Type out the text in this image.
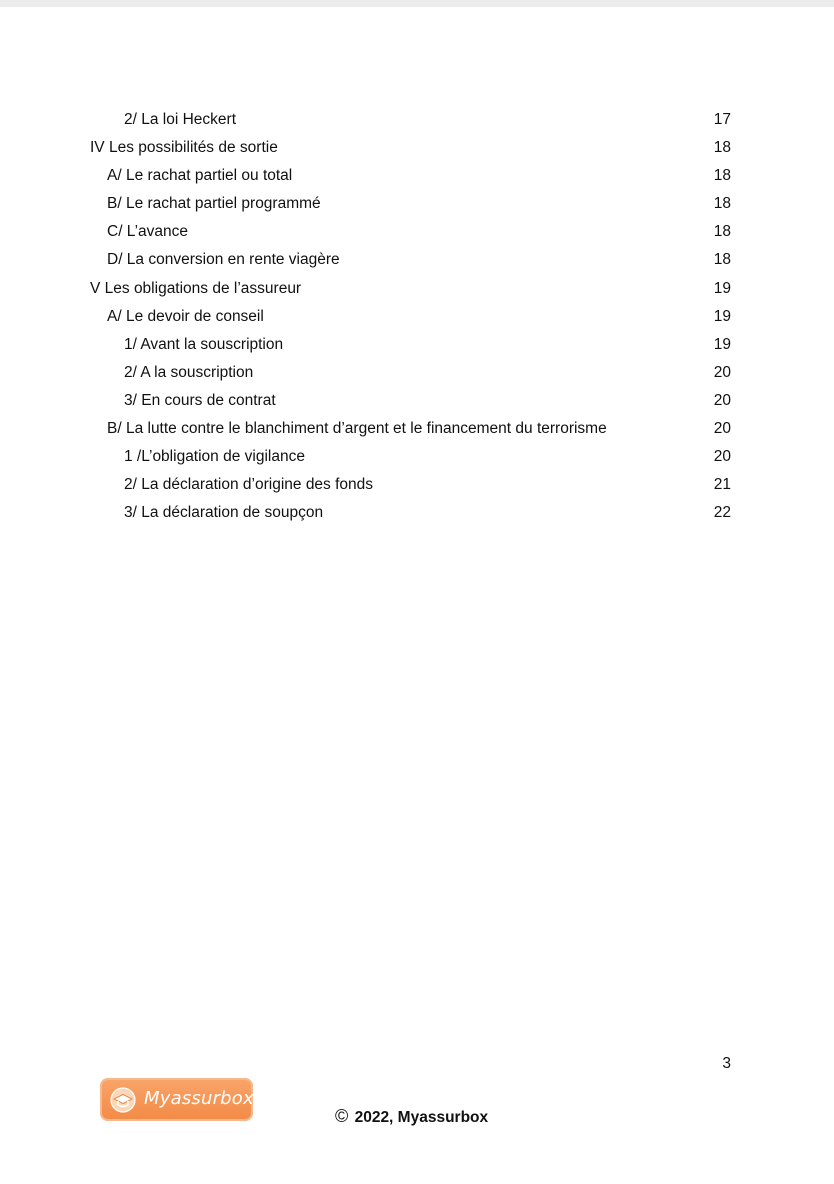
2/ La loi Heckert	17
IV Les possibilités de sortie	18
A/ Le rachat partiel ou total	18
B/ Le rachat partiel programmé	18
C/ L’avance	18
D/ La conversion en rente viagère	18
V Les obligations de l’assureur	19
A/ Le devoir de conseil	19
1/ Avant la souscription	19
2/ A la souscription	20
3/ En cours de contrat	20
B/ La lutte contre le blanchiment d’argent et le financement du terrorisme	20
1 /L’obligation de vigilance	20
2/ La déclaration d’origine des fonds	21
3/ La déclaration de soupçon	22
3
Myassurbox
© 2022, Myassurbox
